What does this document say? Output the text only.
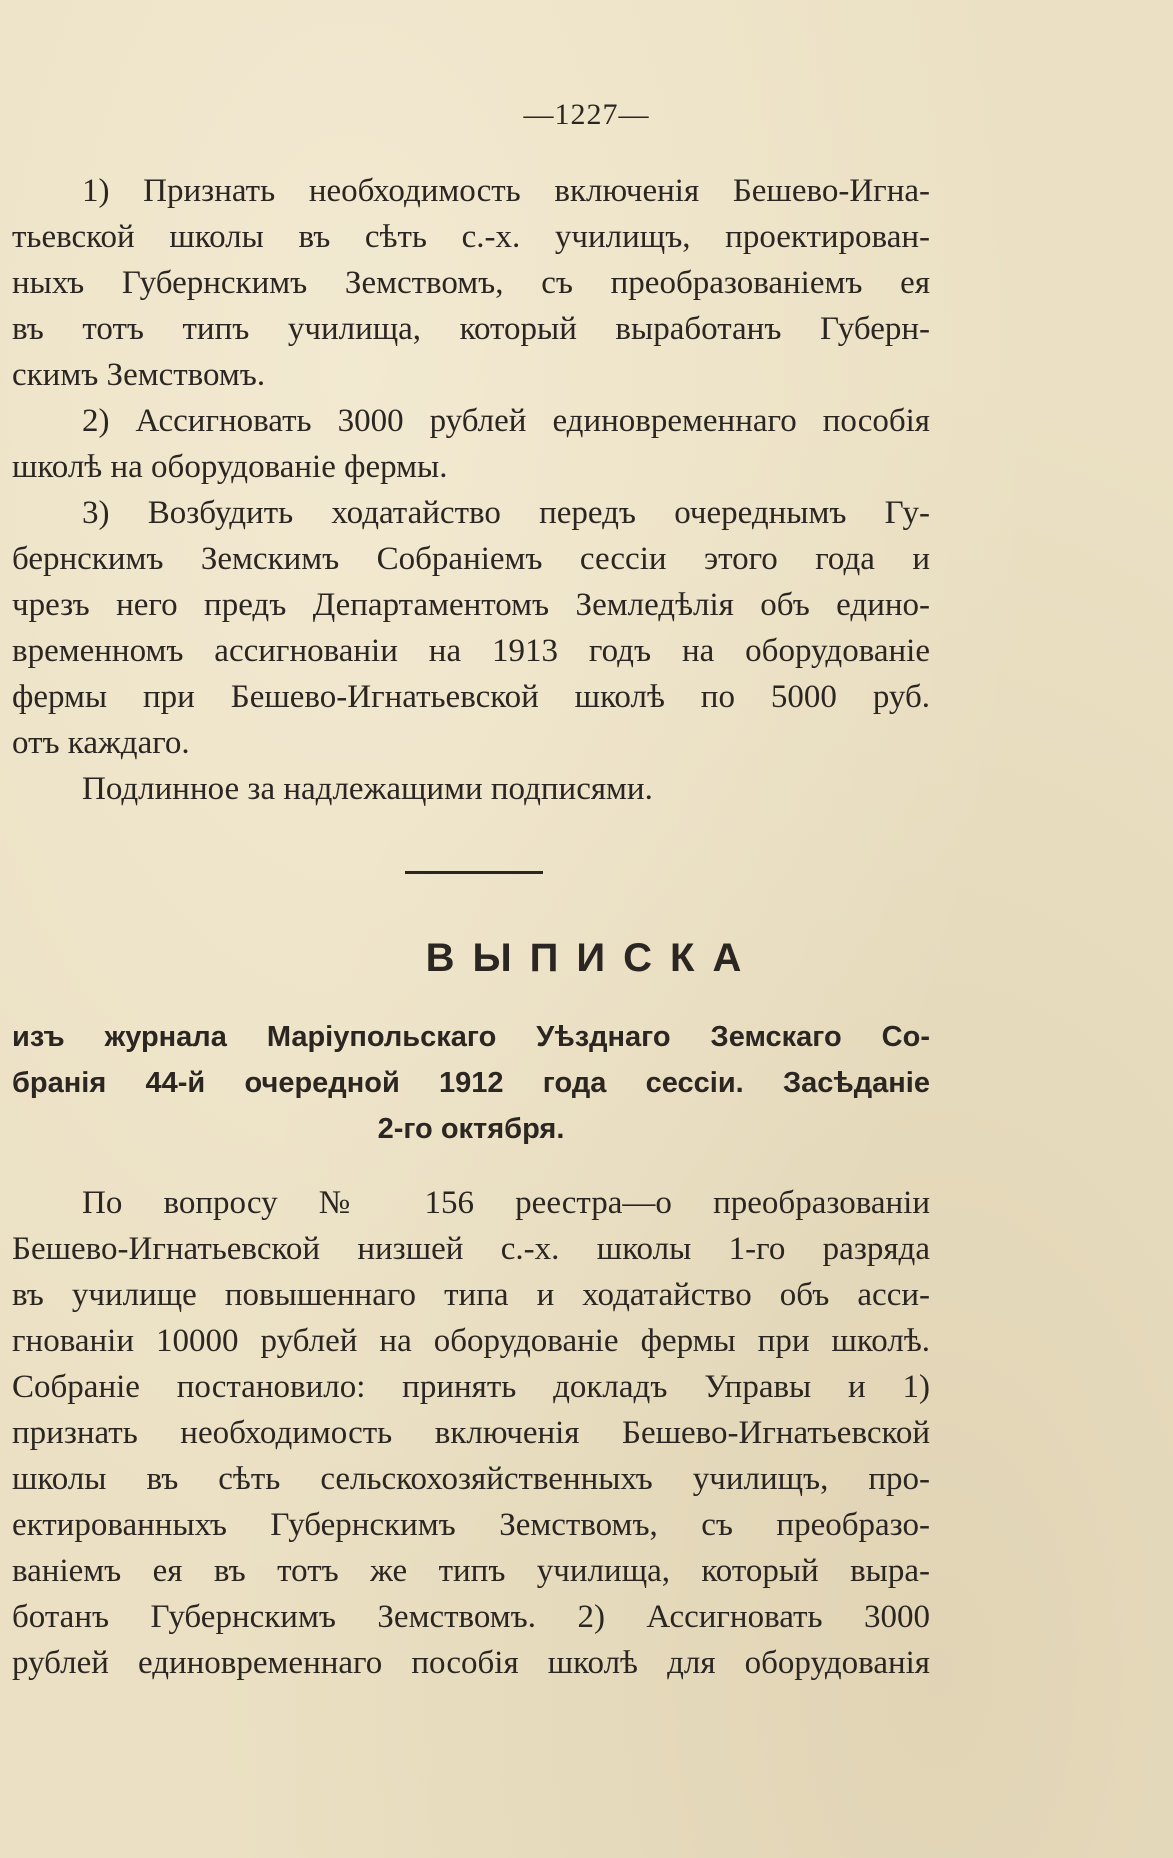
—1227—
1) Признать необходимость включенія Бешево-Игна-
тьевской школы въ сѣть с.-х. училищъ, проектирован-
ныхъ Губернскимъ Земствомъ, съ преобразованіемъ ея
въ тотъ типъ училища, который выработанъ Губерн-
скимъ Земствомъ.
2) Ассигновать 3000 рублей единовременнаго пособія
школѣ на оборудованіе фермы.
3) Возбудить ходатайство передъ очереднымъ Гу-
бернскимъ Земскимъ Собраніемъ сессіи этого года и
чрезъ него предъ Департаментомъ Земледѣлія объ едино-
временномъ ассигнованіи на 1913 годъ на оборудованіе
фермы при Бешево-Игнатьевской школѣ по 5000 руб.
отъ каждаго.
Подлинное за надлежащими подписями.
ВЫПИСКА
изъ журнала Маріупольскаго Уѣзднаго Земскаго Со-
бранія 44-й очередной 1912 года сессіи. Засѣданіе
2-го октября.
По вопросу № 156 реестра—о преобразованіи
Бешево-Игнатьевской низшей с.-х. школы 1-го разряда
въ училище повышеннаго типа и ходатайство объ асси-
гнованіи 10000 рублей на оборудованіе фермы при школѣ.
Собраніе постановило: принять докладъ Управы и 1)
признать необходимость включенія Бешево-Игнатьевской
школы въ сѣть сельскохозяйственныхъ училищъ, про-
ектированныхъ Губернскимъ Земствомъ, съ преобразо-
ваніемъ ея въ тотъ же типъ училища, который выра-
ботанъ Губернскимъ Земствомъ. 2) Ассигновать 3000
рублей единовременнаго пособія школѣ для оборудованія
